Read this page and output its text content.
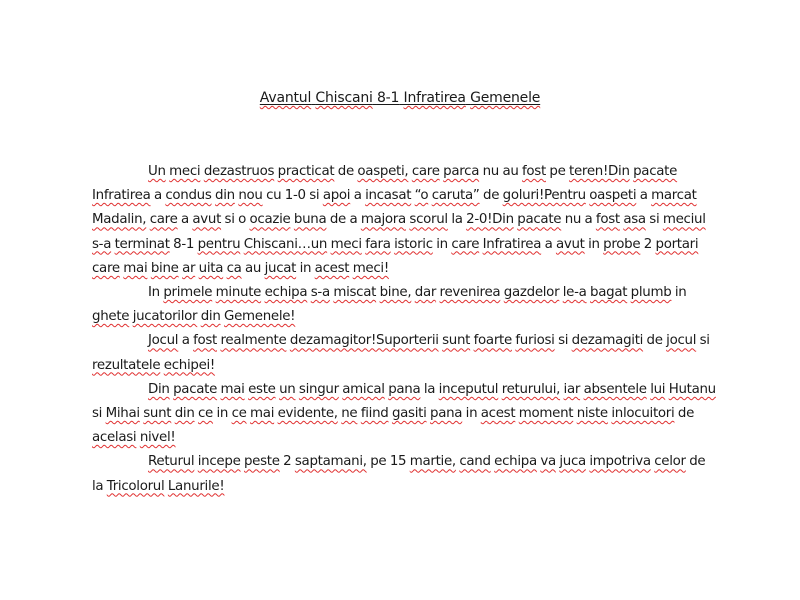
Avantul Chiscani 8-1 Infratirea Gemenele

Un meci dezastruos practicat de oaspeti, care parca nu au fost pe teren!Din pacate Infratirea a condus din nou cu 1-0 si apoi a incasat “o caruta” de goluri!Pentru oaspeti a marcat Madalin, care a avut si o ocazie buna de a majora scorul la 2-0!Din pacate nu a fost asa si meciul s-a terminat 8-1 pentru Chiscani…un meci fara istoric in care Infratirea a avut in probe 2 portari care mai bine ar uita ca au jucat in acest meci!

In primele minute echipa s-a miscat bine, dar revenirea gazdelor le-a bagat plumb in ghete jucatorilor din Gemenele!

Jocul a fost realmente dezamagitor!Suporterii sunt foarte furiosi si dezamagiti de jocul si rezultatele echipei!

Din pacate mai este un singur amical pana la inceputul returului, iar absentele lui Hutanu si Mihai sunt din ce in ce mai evidente, ne fiind gasiti pana in acest moment niste inlocuitori de acelasi nivel!

Returul incepe peste 2 saptamani, pe 15 martie, cand echipa va juca impotriva celor de la Tricolorul Lanurile!
